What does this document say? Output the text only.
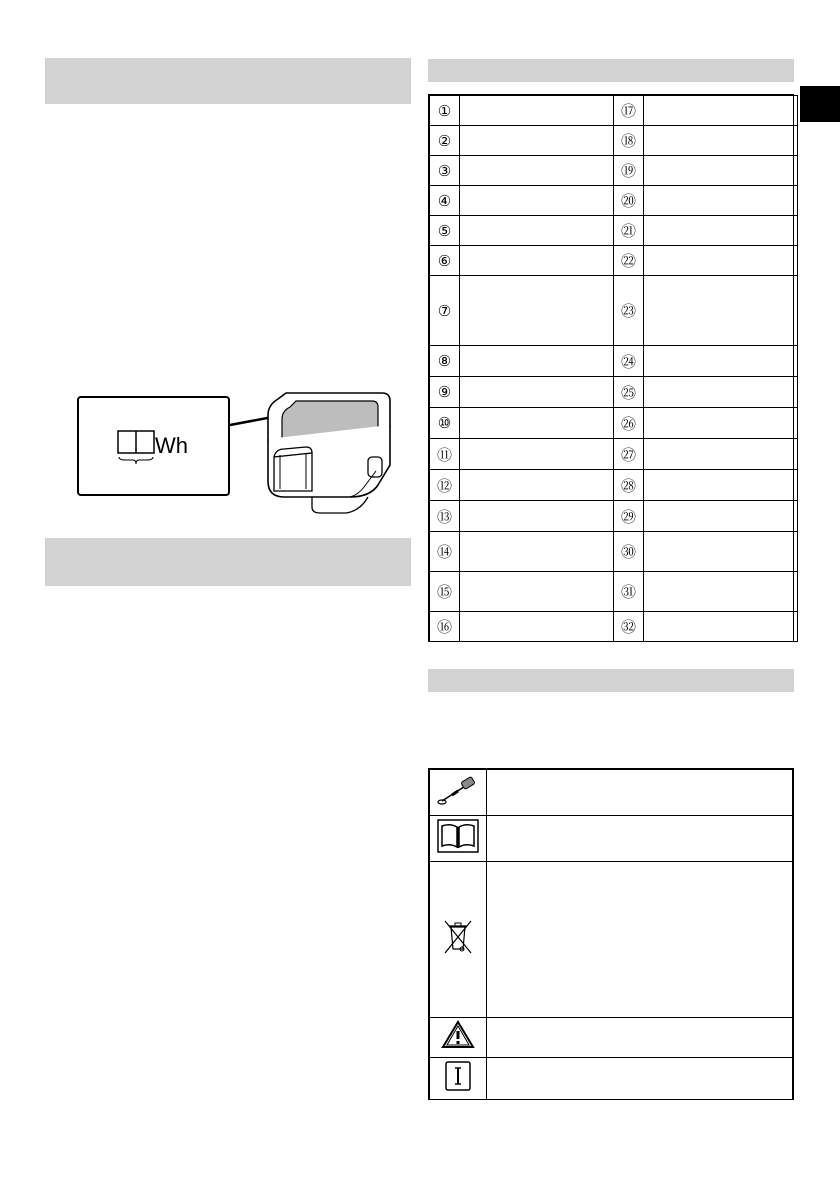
Wh
①		⑰	
②		⑱	
③		⑲	
④		⑳	
⑤		㉑	
⑥		㉒	
⑦		㉓	
⑧		㉔	
⑨		㉕	
⑩		㉖	
⑪		㉗	
⑫		㉘	
⑬		㉙	
⑭		㉚	
⑮		㉛	
⑯		㉜	
